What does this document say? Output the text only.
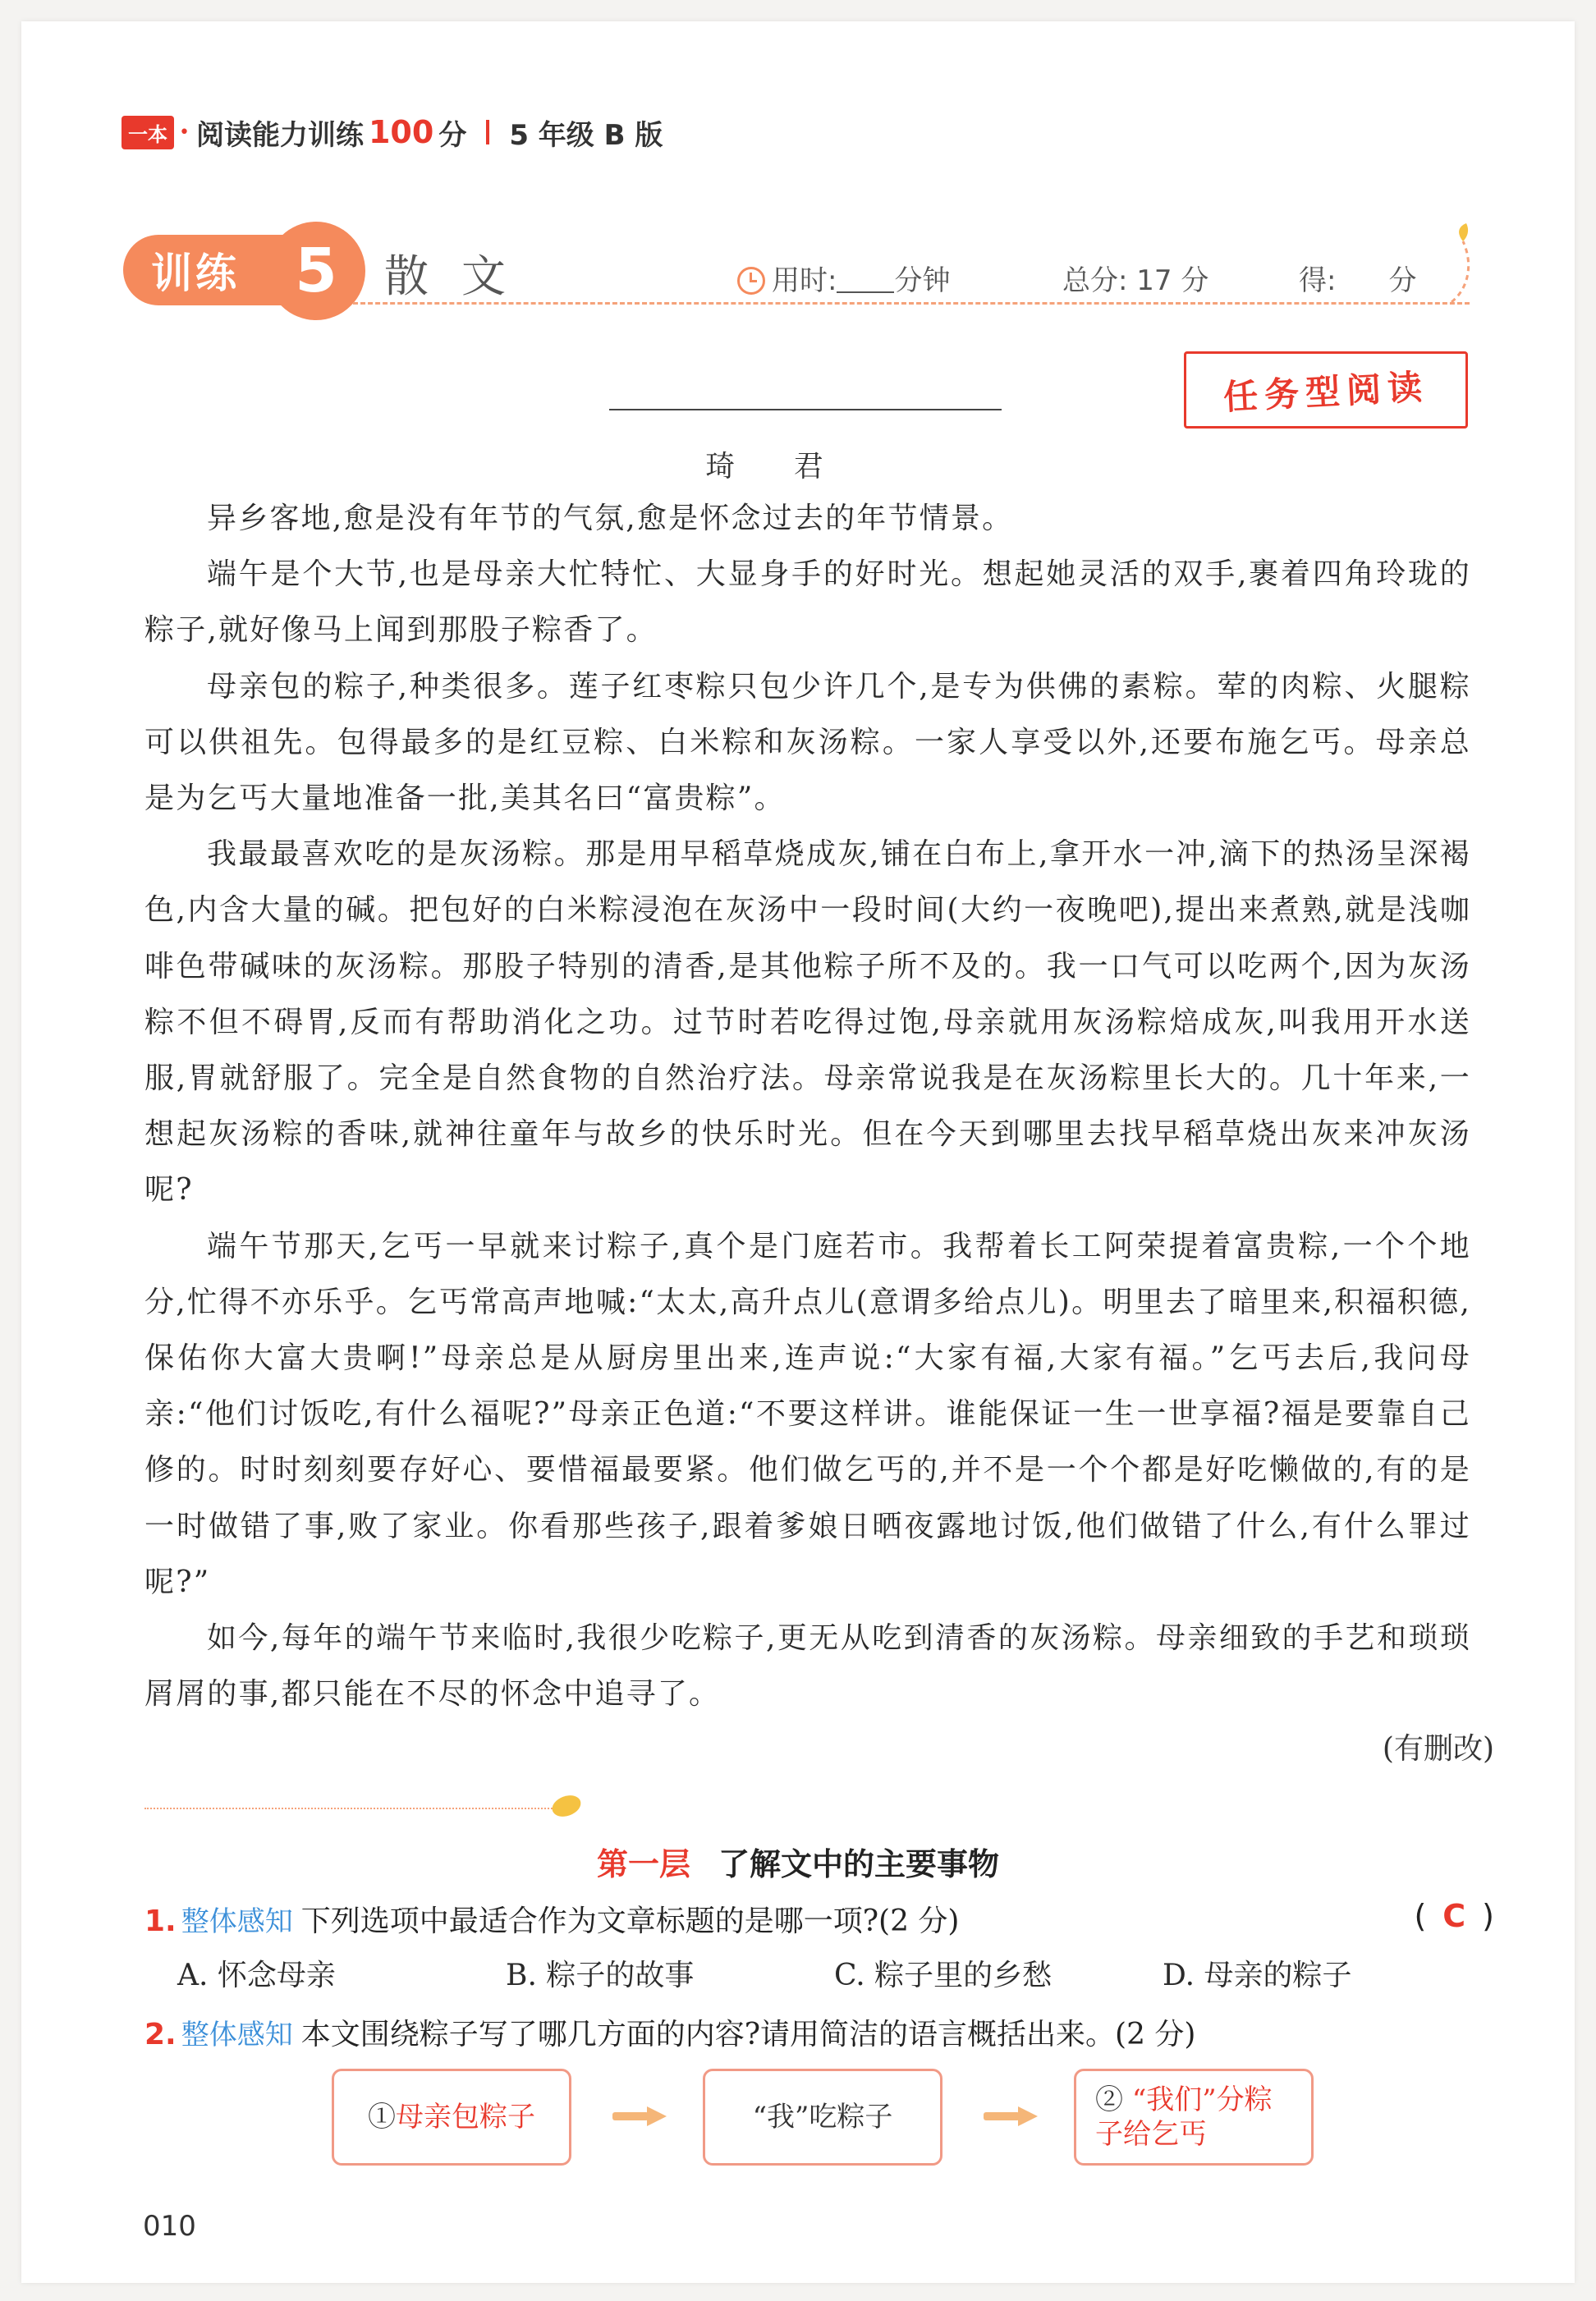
一本 • 阅读能力训练 100 分 5 年级 B 版
训练 5	散文	用时: 分钟	总分: 17 分	得: 分
任务型阅读
琦 君

异乡客地,愈是没有年节的气氛,愈是怀念过去的年节情景。

端午是个大节,也是母亲大忙特忙、大显身手的好时光。想起她灵活的双手,裹着四角玲珑的粽子,就好像马上闻到那股子粽香了。

母亲包的粽子,种类很多。莲子红枣粽只包少许几个,是专为供佛的素粽。荤的肉粽、火腿粽可以供祖先。包得最多的是红豆粽、白米粽和灰汤粽。一家人享受以外,还要布施乞丐。母亲总是为乞丐大量地准备一批,美其名曰“富贵粽”。

我最最喜欢吃的是灰汤粽。那是用早稻草烧成灰,铺在白布上,拿开水一冲,滴下的热汤呈深褐色,内含大量的碱。把包好的白米粽浸泡在灰汤中一段时间(大约一夜晚吧),提出来煮熟,就是浅咖啡色带碱味的灰汤粽。那股子特别的清香,是其他粽子所不及的。我一口气可以吃两个,因为灰汤粽不但不碍胃,反而有帮助消化之功。过节时若吃得过饱,母亲就用灰汤粽焙成灰,叫我用开水送服,胃就舒服了。完全是自然食物的自然治疗法。母亲常说我是在灰汤粽里长大的。几十年来,一想起灰汤粽的香味,就神往童年与故乡的快乐时光。但在今天到哪里去找早稻草烧出灰来冲灰汤呢?

端午节那天,乞丐一早就来讨粽子,真个是门庭若市。我帮着长工阿荣提着富贵粽,一个个地分,忙得不亦乐乎。乞丐常高声地喊:“太太,高升点儿(意谓多给点儿)。明里去了暗里来,积福积德,保佑你大富大贵啊!”母亲总是从厨房里出来,连声说:“大家有福,大家有福。”乞丐去后,我问母亲:“他们讨饭吃,有什么福呢?”母亲正色道:“不要这样讲。谁能保证一生一世享福?福是要靠自己修的。时时刻刻要存好心、要惜福最要紧。他们做乞丐的,并不是一个个都是好吃懒做的,有的是一时做错了事,败了家业。你看那些孩子,跟着爹娘日晒夜露地讨饭,他们做错了什么,有什么罪过呢?”

如今,每年的端午节来临时,我很少吃粽子,更无从吃到清香的灰汤粽。母亲细致的手艺和琐琐屑屑的事,都只能在不尽的怀念中追寻了。

(有删改)
第一层 了解文中的主要事物
1. 整体感知 下列选项中最适合作为文章标题的是哪一项?(2 分)	( C )
A. 怀念母亲	B. 粽子的故事	C. 粽子里的乡愁	D. 母亲的粽子
2. 整体感知 本文围绕粽子写了哪几方面的内容?请用简洁的语言概括出来。(2 分)
①母亲包粽子	“我”吃粽子
② “我们”分粽子给乞丐
010
